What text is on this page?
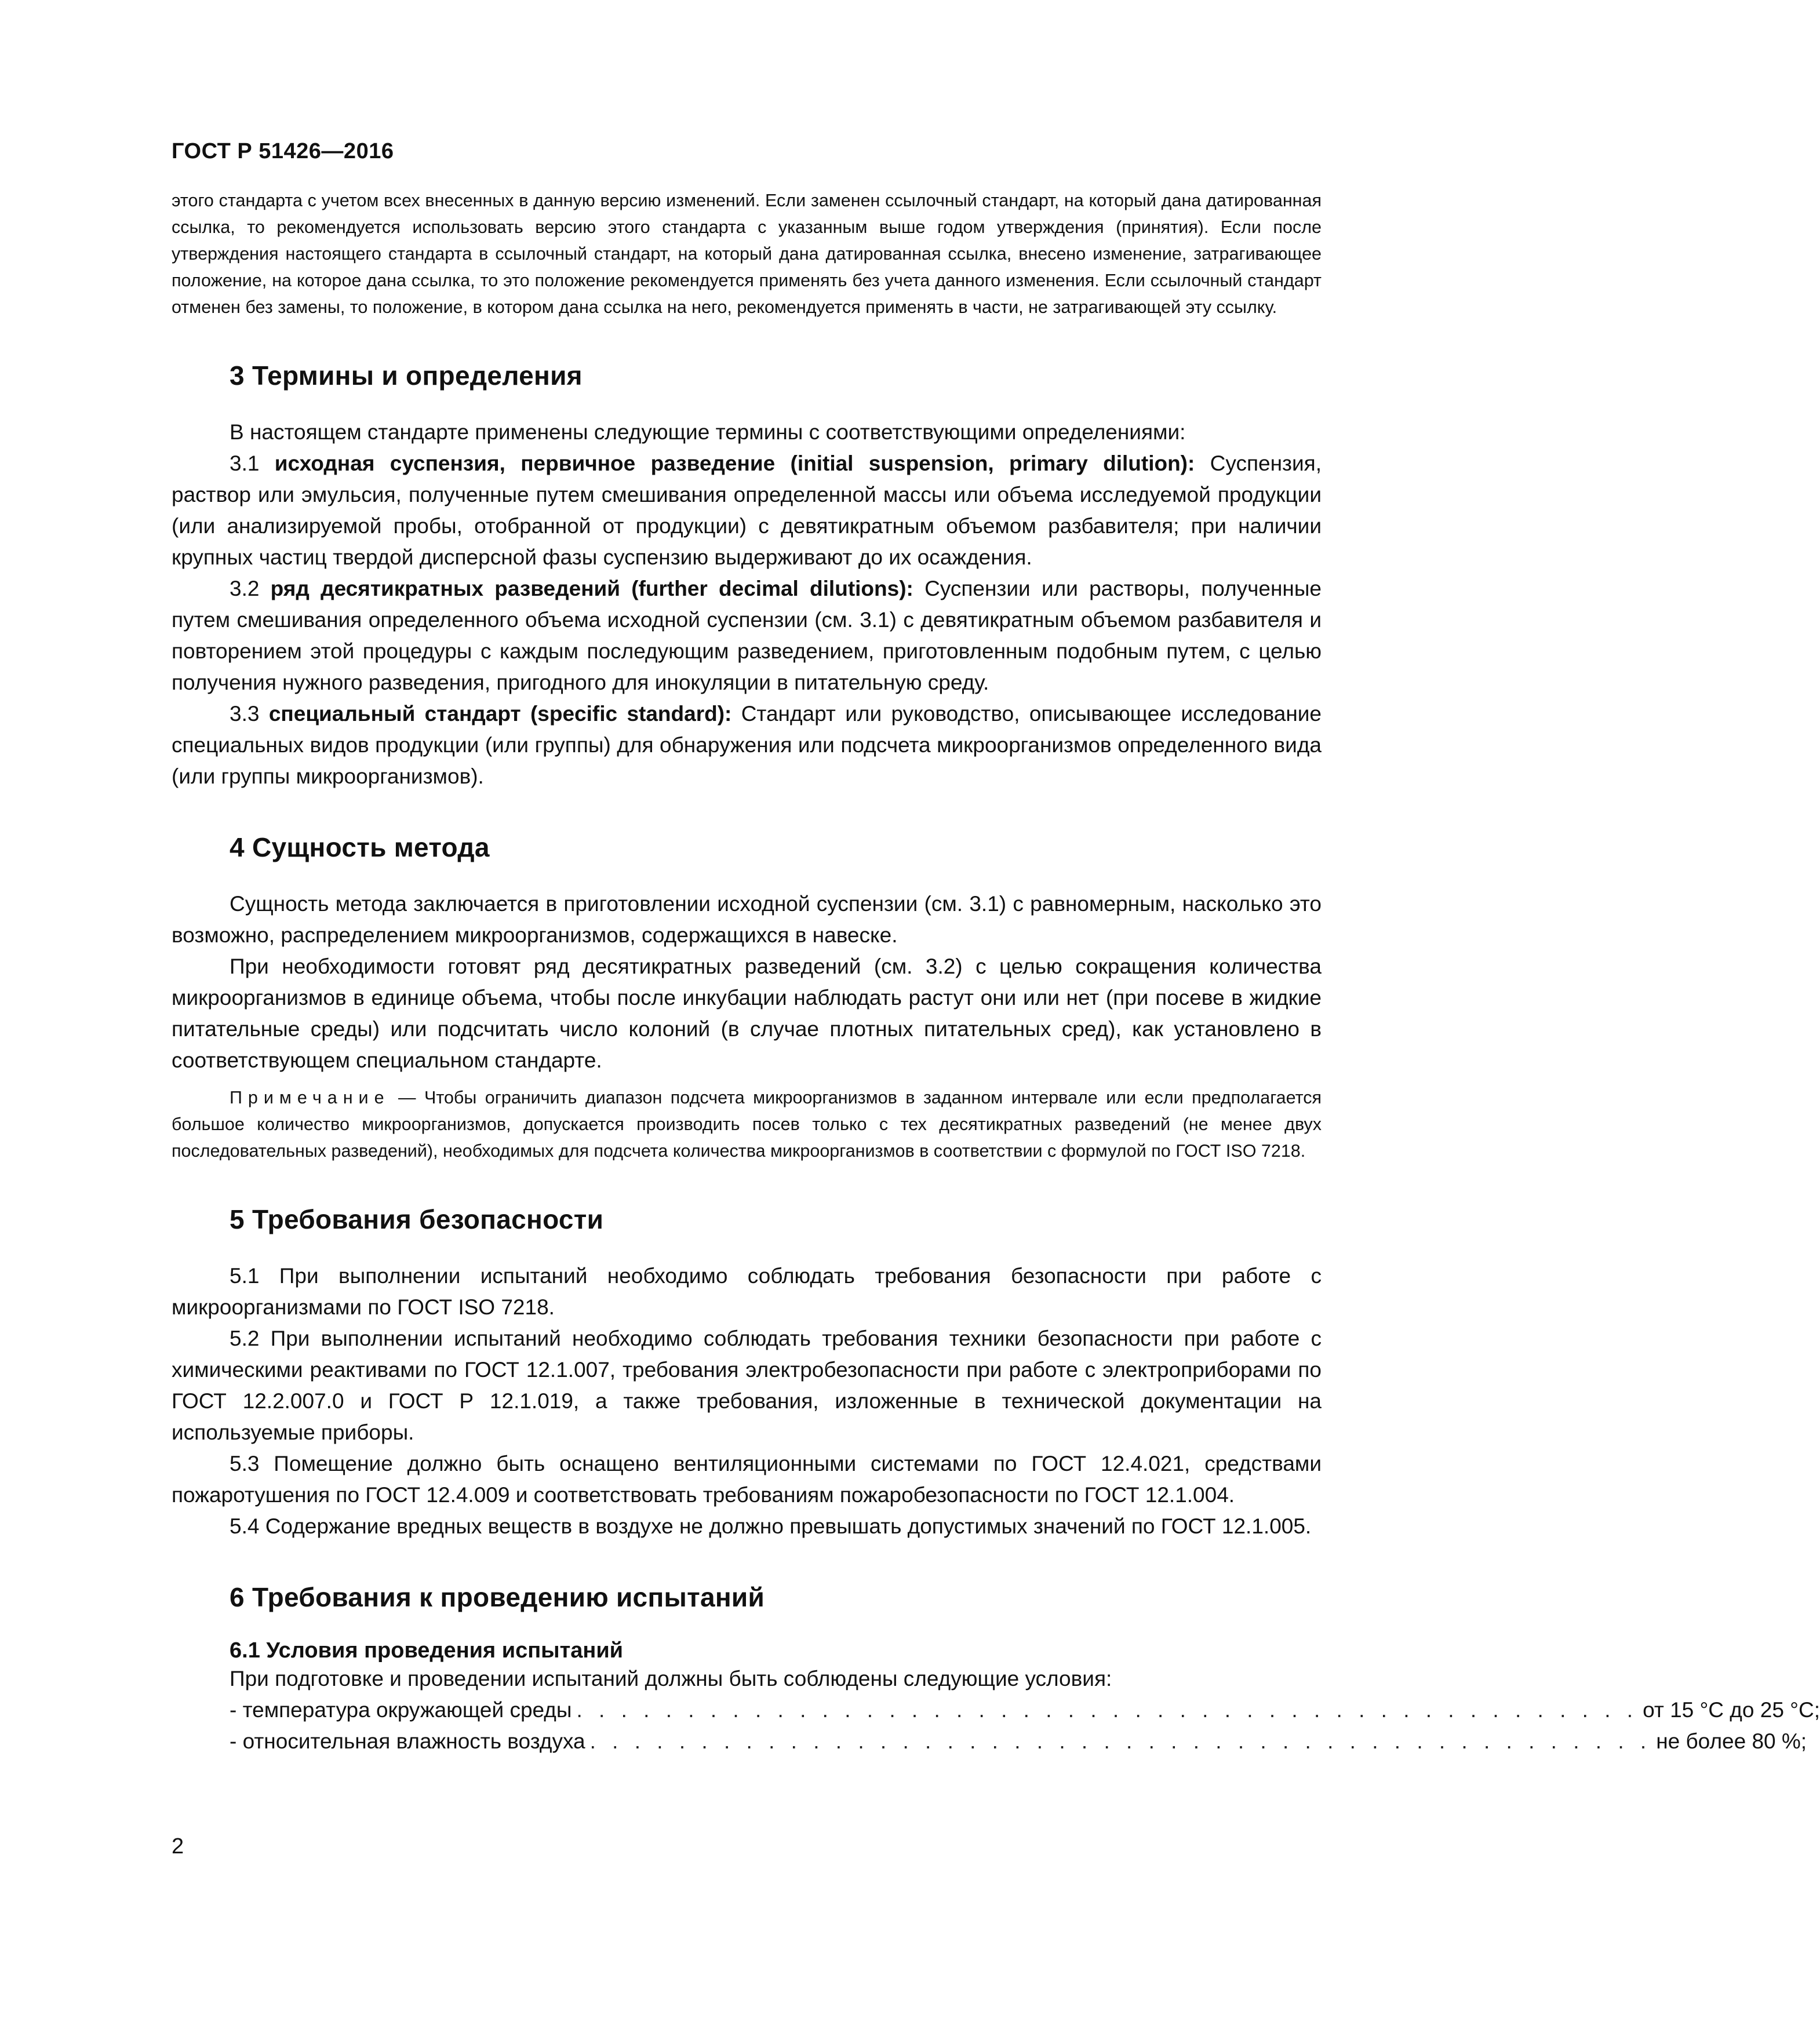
ГОСТ Р 51426—2016

этого стандарта с учетом всех внесенных в данную версию изменений. Если заменен ссылочный стандарт, на который дана датированная ссылка, то рекомендуется использовать версию этого стандарта с указанным выше годом утверждения (принятия). Если после утверждения настоящего стандарта в ссылочный стандарт, на который дана датированная ссылка, внесено изменение, затрагивающее положение, на которое дана ссылка, то это положение рекомендуется применять без учета данного изменения. Если ссылочный стандарт отменен без замены, то положение, в котором дана ссылка на него, рекомендуется применять в части, не затрагивающей эту ссылку.

3 Термины и определения

В настоящем стандарте применены следующие термины с соответствующими определениями:

3.1 исходная суспензия, первичное разведение (initial suspension, primary dilution): Суспензия, раствор или эмульсия, полученные путем смешивания определенной массы или объема исследуемой продукции (или анализируемой пробы, отобранной от продукции) с девятикратным объемом разбавителя; при наличии крупных частиц твердой дисперсной фазы суспензию выдерживают до их осаждения.

3.2 ряд десятикратных разведений (further decimal dilutions): Суспензии или растворы, полученные путем смешивания определенного объема исходной суспензии (см. 3.1) с девятикратным объемом разбавителя и повторением этой процедуры с каждым последующим разведением, приготовленным подобным путем, с целью получения нужного разведения, пригодного для инокуляции в питательную среду.

3.3 специальный стандарт (specific standard): Стандарт или руководство, описывающее исследование специальных видов продукции (или группы) для обнаружения или подсчета микроорганизмов определенного вида (или группы микроорганизмов).

4 Сущность метода

Сущность метода заключается в приготовлении исходной суспензии (см. 3.1) с равномерным, насколько это возможно, распределением микроорганизмов, содержащихся в навеске.

При необходимости готовят ряд десятикратных разведений (см. 3.2) с целью сокращения количества микроорганизмов в единице объема, чтобы после инкубации наблюдать растут они или нет (при посеве в жидкие питательные среды) или подсчитать число колоний (в случае плотных питательных сред), как установлено в соответствующем специальном стандарте.

Примечание — Чтобы ограничить диапазон подсчета микроорганизмов в заданном интервале или если предполагается большое количество микроорганизмов, допускается производить посев только с тех десятикратных разведений (не менее двух последовательных разведений), необходимых для подсчета количества микроорганизмов в соответствии с формулой по ГОСТ ISO 7218.

5 Требования безопасности

5.1 При выполнении испытаний необходимо соблюдать требования безопасности при работе с микроорганизмами по ГОСТ ISO 7218.

5.2 При выполнении испытаний необходимо соблюдать требования техники безопасности при работе с химическими реактивами по ГОСТ 12.1.007, требования электробезопасности при работе с электроприборами по ГОСТ 12.2.007.0 и ГОСТ Р 12.1.019, а также требования, изложенные в технической документации на используемые приборы.

5.3 Помещение должно быть оснащено вентиляционными системами по ГОСТ 12.4.021, средствами пожаротушения по ГОСТ 12.4.009 и соответствовать требованиям пожаробезопасности по ГОСТ 12.1.004.

5.4 Содержание вредных веществ в воздухе не должно превышать допустимых значений по ГОСТ 12.1.005.

6 Требования к проведению испытаний
6.1 Условия проведения испытаний

При подготовке и проведении испытаний должны быть соблюдены следующие условия:

- температура окружающей среды . . . . . . . . . . . . . . . . . . . . . . . . . . . . . . . . . . . . . . . . . . . . . . . . от 15 °С до 25 °С;
- относительная влажность воздуха . . . . . . . . . . . . . . . . . . . . . . . . . . . . . . . . . . . . . . . . . . . . . . . . не более 80 %;
2
